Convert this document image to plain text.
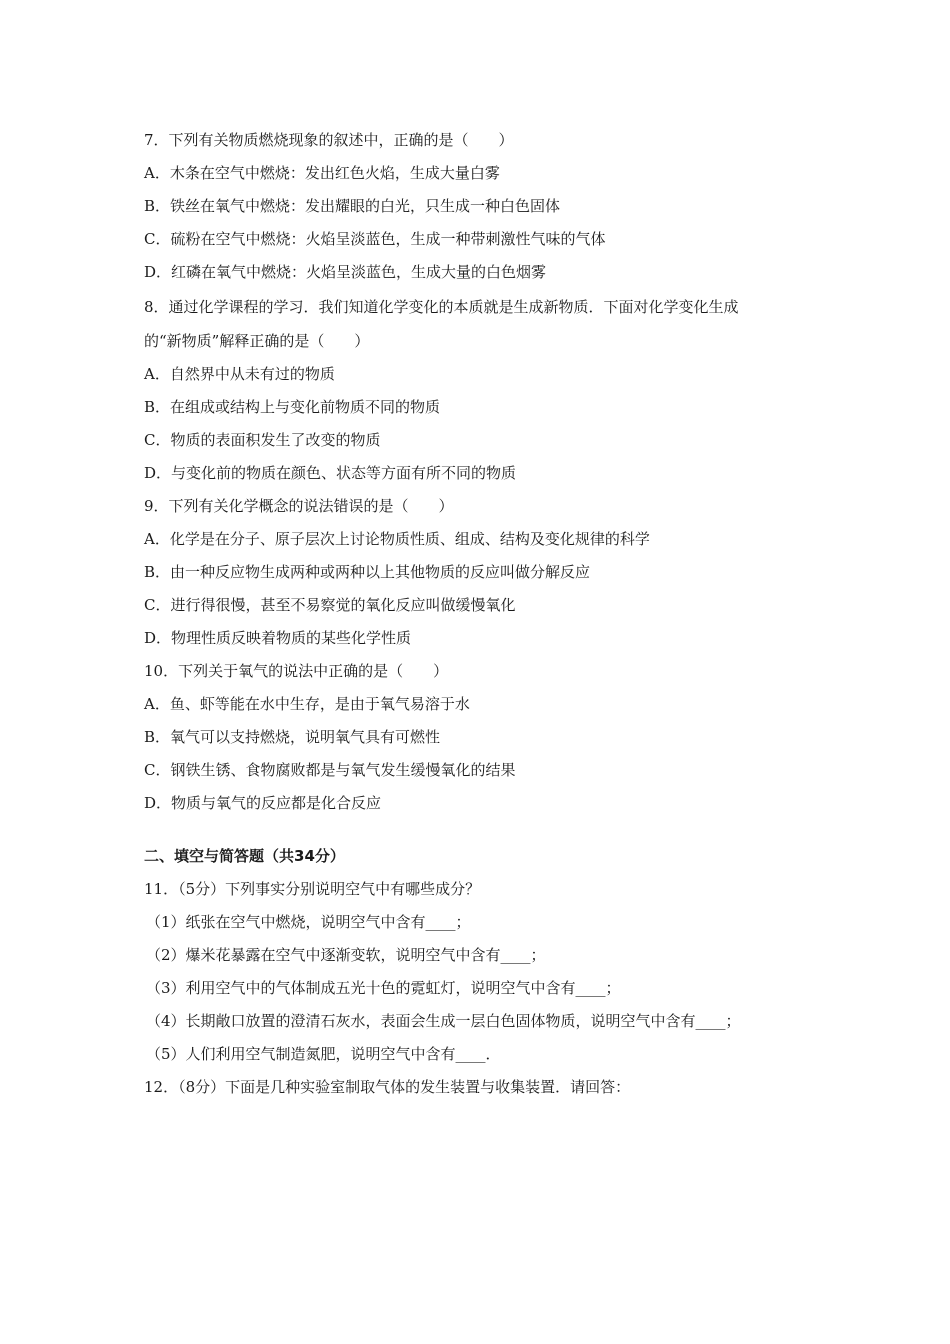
7．下列有关物质燃烧现象的叙述中，正确的是（　　）
A．木条在空气中燃烧：发出红色火焰，生成大量白雾
B．铁丝在氧气中燃烧：发出耀眼的白光，只生成一种白色固体
C．硫粉在空气中燃烧：火焰呈淡蓝色，生成一种带刺激性气味的气体
D．红磷在氧气中燃烧：火焰呈淡蓝色，生成大量的白色烟雾
8．通过化学课程的学习．我们知道化学变化的本质就是生成新物质．下面对化学变化生成
的“新物质”解释正确的是（　　）
A．自然界中从未有过的物质
B．在组成或结构上与变化前物质不同的物质
C．物质的表面积发生了改变的物质
D．与变化前的物质在颜色、状态等方面有所不同的物质
9．下列有关化学概念的说法错误的是（　　）
A．化学是在分子、原子层次上讨论物质性质、组成、结构及变化规律的科学
B．由一种反应物生成两种或两种以上其他物质的反应叫做分解反应
C．进行得很慢，甚至不易察觉的氧化反应叫做缓慢氧化
D．物理性质反映着物质的某些化学性质
10．下列关于氧气的说法中正确的是（　　）
A．鱼、虾等能在水中生存，是由于氧气易溶于水
B．氧气可以支持燃烧，说明氧气具有可燃性
C．钢铁生锈、食物腐败都是与氧气发生缓慢氧化的结果
D．物质与氧气的反应都是化合反应
二、填空与简答题（共34分）
11．（5分）下列事实分别说明空气中有哪些成分？
（1）纸张在空气中燃烧，说明空气中含有____；
（2）爆米花暴露在空气中逐渐变软，说明空气中含有____；
（3）利用空气中的气体制成五光十色的霓虹灯，说明空气中含有____；
（4）长期敞口放置的澄清石灰水，表面会生成一层白色固体物质，说明空气中含有____；
（5）人们利用空气制造氮肥，说明空气中含有____．
12．（8分）下面是几种实验室制取气体的发生装置与收集装置．请回答：
